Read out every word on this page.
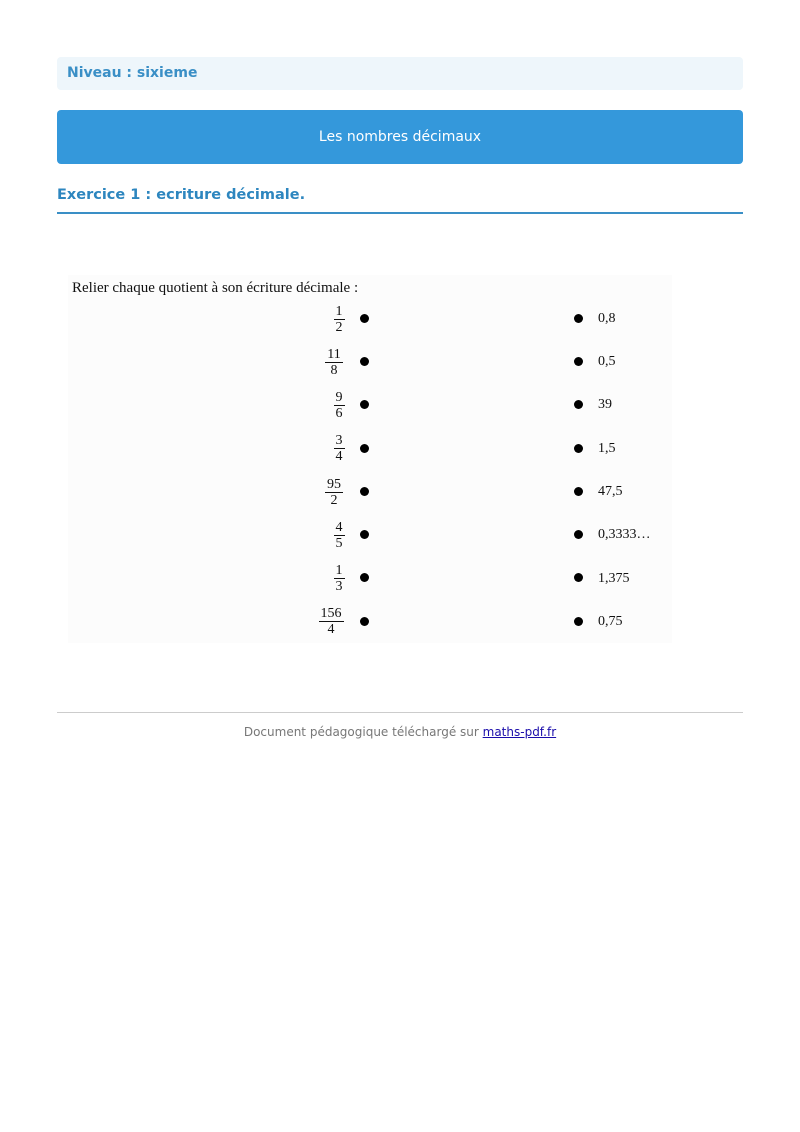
Niveau : sixieme
Les nombres décimaux
Exercice 1 : ecriture décimale.
Relier chaque quotient à son écriture décimale :
$\frac{1}{2}$
$\frac{11}{8}$
$\frac{9}{6}$
$\frac{3}{4}$
$\frac{95}{2}$
$\frac{4}{5}$
$\frac{1}{3}$
$\frac{156}{4}$
0,8
0,5
39
1,5
47,5
0,3333…
1,375
0,75
Document pédagogique téléchargé sur maths-pdf.fr
